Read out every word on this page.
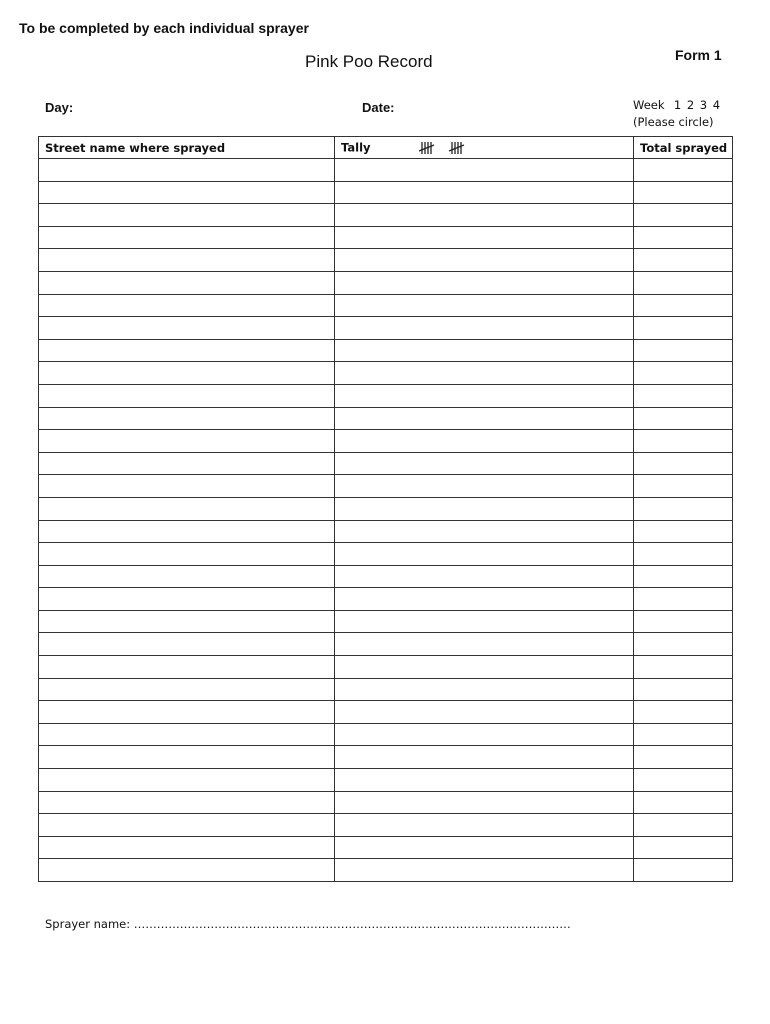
To be completed by each individual sprayer
Pink Poo Record	Form 1
Day:	Date:	Week 1 2 3 4
(Please circle)
Street name where sprayed	Tally	Total sprayed

Sprayer name: ……………………………………………………………………………………………………
